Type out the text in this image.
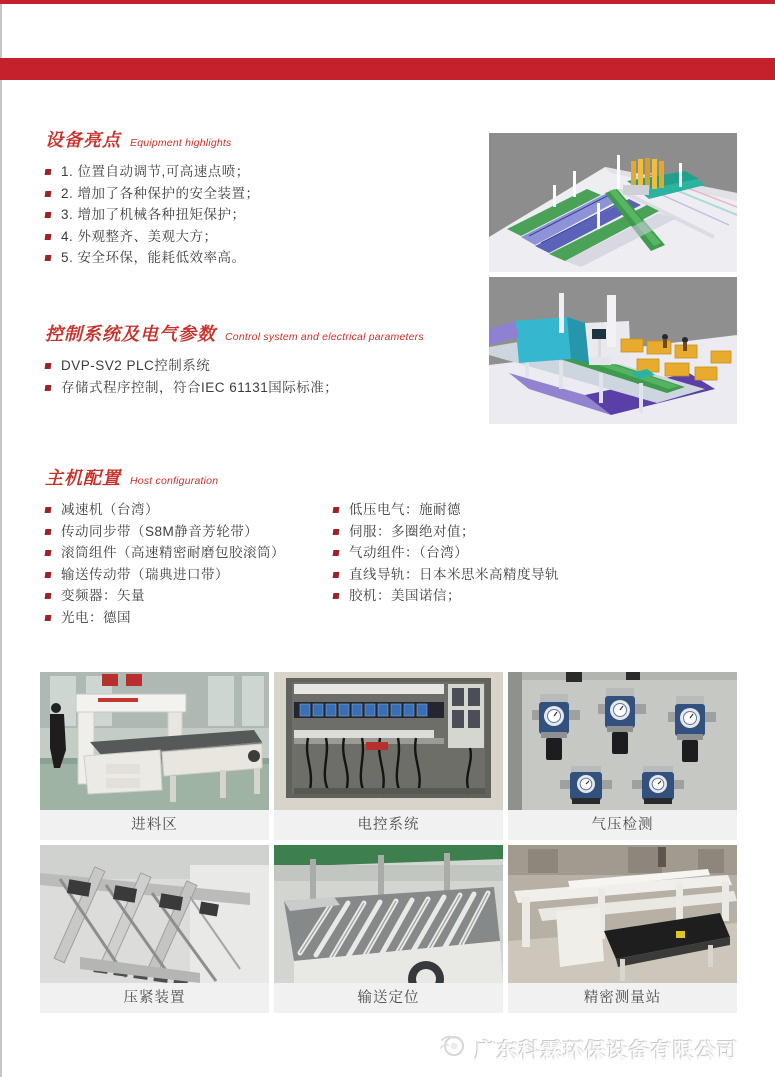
设备亮点 Equipment highlights
1. 位置自动调节,可高速点喷；
2. 增加了各种保护的安全装置；
3. 增加了机械各种扭矩保护；
4. 外观整齐、美观大方；
5. 安全环保，能耗低效率高。
控制系统及电气参数 Control system and electrical parameters
DVP-SV2 PLC控制系统
存储式程序控制，符合IEC 61131国际标准；
主机配置 Host configuration
减速机（台湾）
传动同步带（S8M静音芳轮带）
滚筒组件（高速精密耐磨包胶滚筒）
输送传动带（瑞典进口带）
变频器：矢量
光电：德国
低压电气：施耐德
伺服：多圈绝对值；
气动组件：（台湾）
直线导轨：日本米思米高精度导轨
胶机：美国诺信；
进料区	电控系统	气压检测
压紧装置	输送定位	精密测量站
广东科霖环保设备有限公司
